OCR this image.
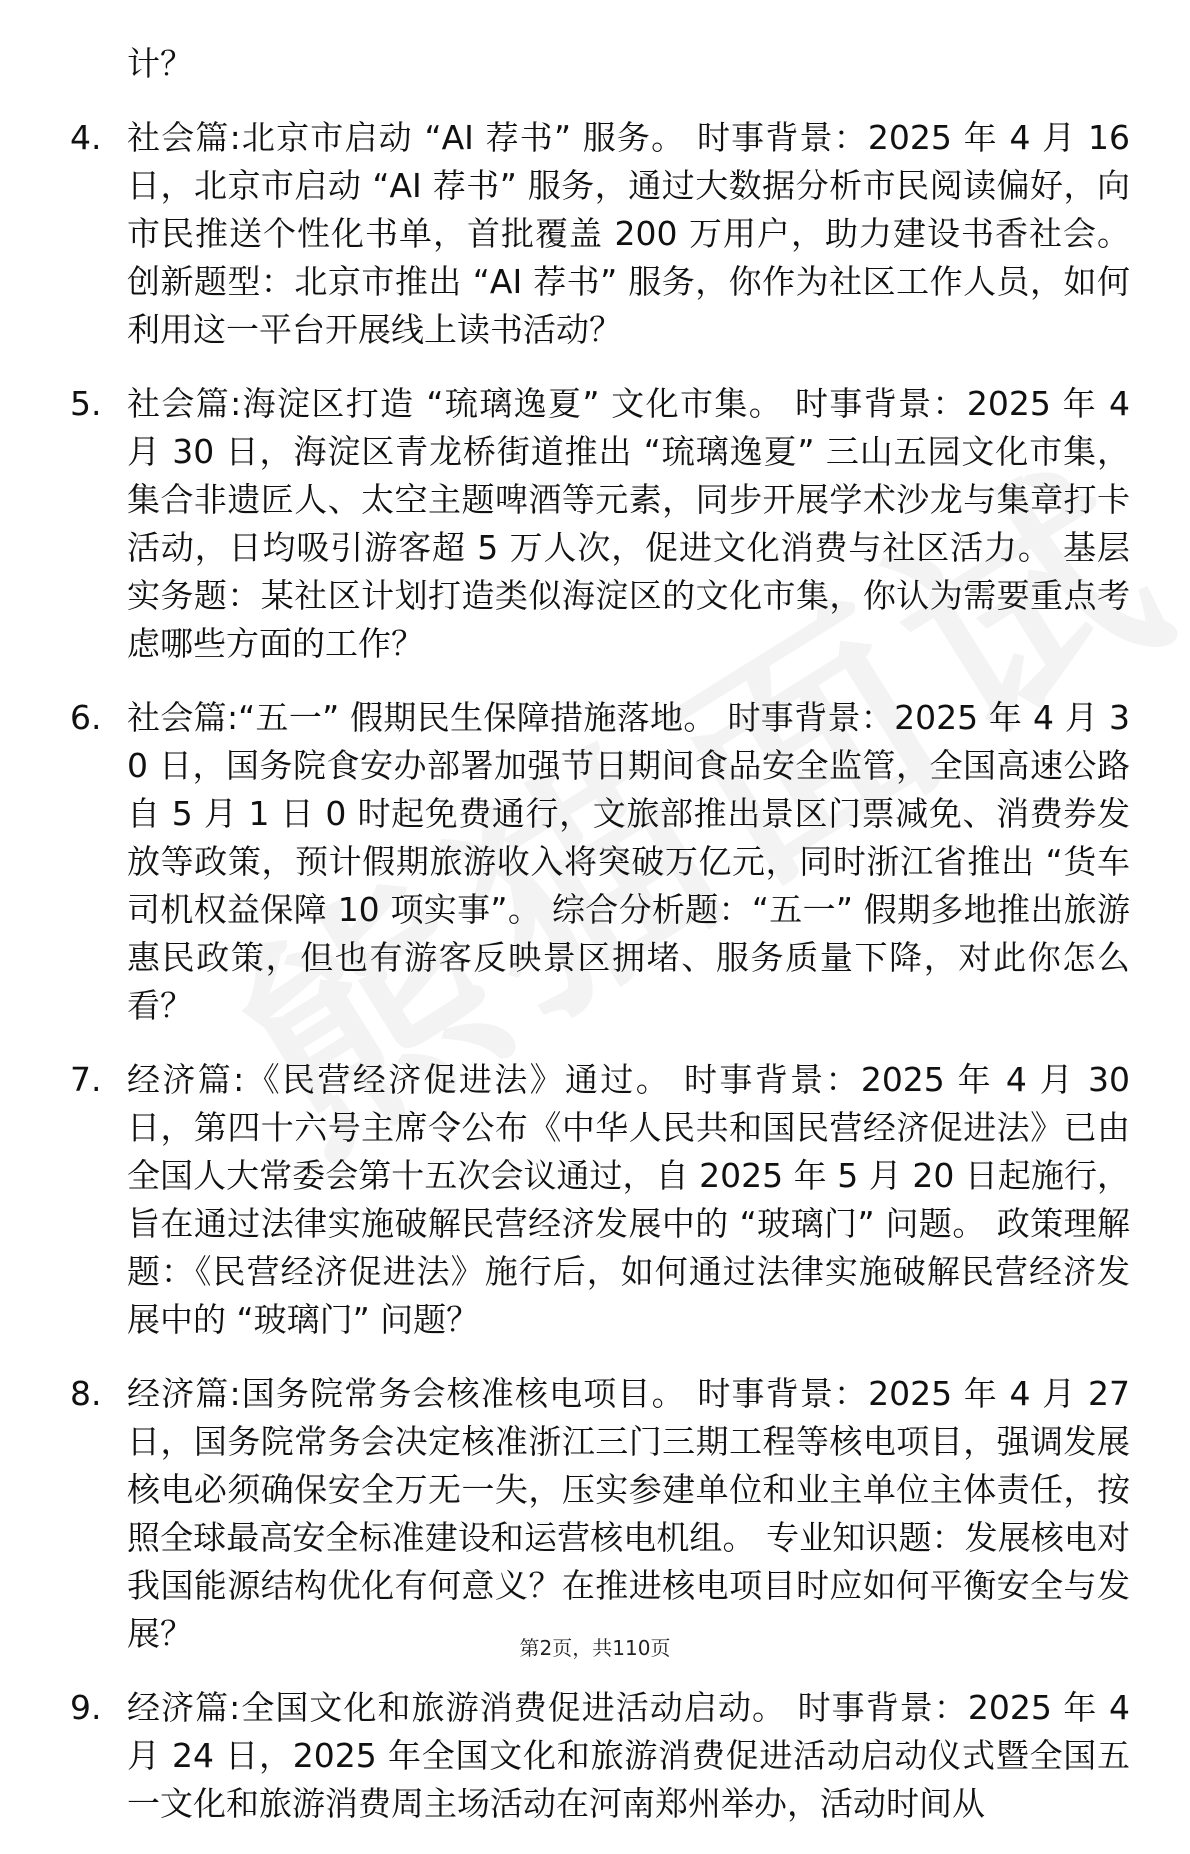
计？
4. 社会篇:北京市启动 “AI 荐书” 服务。 时事背景：2025 年 4 月 16 日，北京市启动 “AI 荐书” 服务，通过大数据分析市民阅读偏好，向市民推送个性化书单，首批覆盖 200 万用户，助力建设书香社会。 创新题型：北京市推出 “AI 荐书” 服务，你作为社区工作人员，如何利用这一平台开展线上读书活动？
5. 社会篇:海淀区打造 “琉璃逸夏” 文化市集。 时事背景：2025 年 4 月 30 日，海淀区青龙桥街道推出 “琉璃逸夏” 三山五园文化市集，集合非遗匠人、太空主题啤酒等元素，同步开展学术沙龙与集章打卡活动，日均吸引游客超 5 万人次，促进文化消费与社区活力。 基层实务题：某社区计划打造类似海淀区的文化市集，你认为需要重点考虑哪些方面的工作？
6. 社会篇:“五一” 假期民生保障措施落地。 时事背景：2025 年 4 月 30 日，国务院食安办部署加强节日期间食品安全监管，全国高速公路自 5 月 1 日 0 时起免费通行，文旅部推出景区门票减免、消费券发放等政策，预计假期旅游收入将突破万亿元，同时浙江省推出 “货车司机权益保障 10 项实事”。 综合分析题：“五一” 假期多地推出旅游惠民政策，但也有游客反映景区拥堵、服务质量下降，对此你怎么看？
7. 经济篇:《民营经济促进法》通过。 时事背景：2025 年 4 月 30 日，第四十六号主席令公布《中华人民共和国民营经济促进法》已由全国人大常委会第十五次会议通过，自 2025 年 5 月 20 日起施行，旨在通过法律实施破解民营经济发展中的 “玻璃门” 问题。 政策理解题：《民营经济促进法》施行后，如何通过法律实施破解民营经济发展中的 “玻璃门” 问题？
8. 经济篇:国务院常务会核准核电项目。 时事背景：2025 年 4 月 27 日，国务院常务会决定核准浙江三门三期工程等核电项目，强调发展核电必须确保安全万无一失，压实参建单位和业主单位主体责任，按照全球最高安全标准建设和运营核电机组。 专业知识题：发展核电对我国能源结构优化有何意义？在推进核电项目时应如何平衡安全与发展？
9. 经济篇:全国文化和旅游消费促进活动启动。 时事背景：2025 年 4 月 24 日，2025 年全国文化和旅游消费促进活动启动仪式暨全国五一文化和旅游消费周主场活动在河南郑州举办，活动时间从
第2页，共110页
